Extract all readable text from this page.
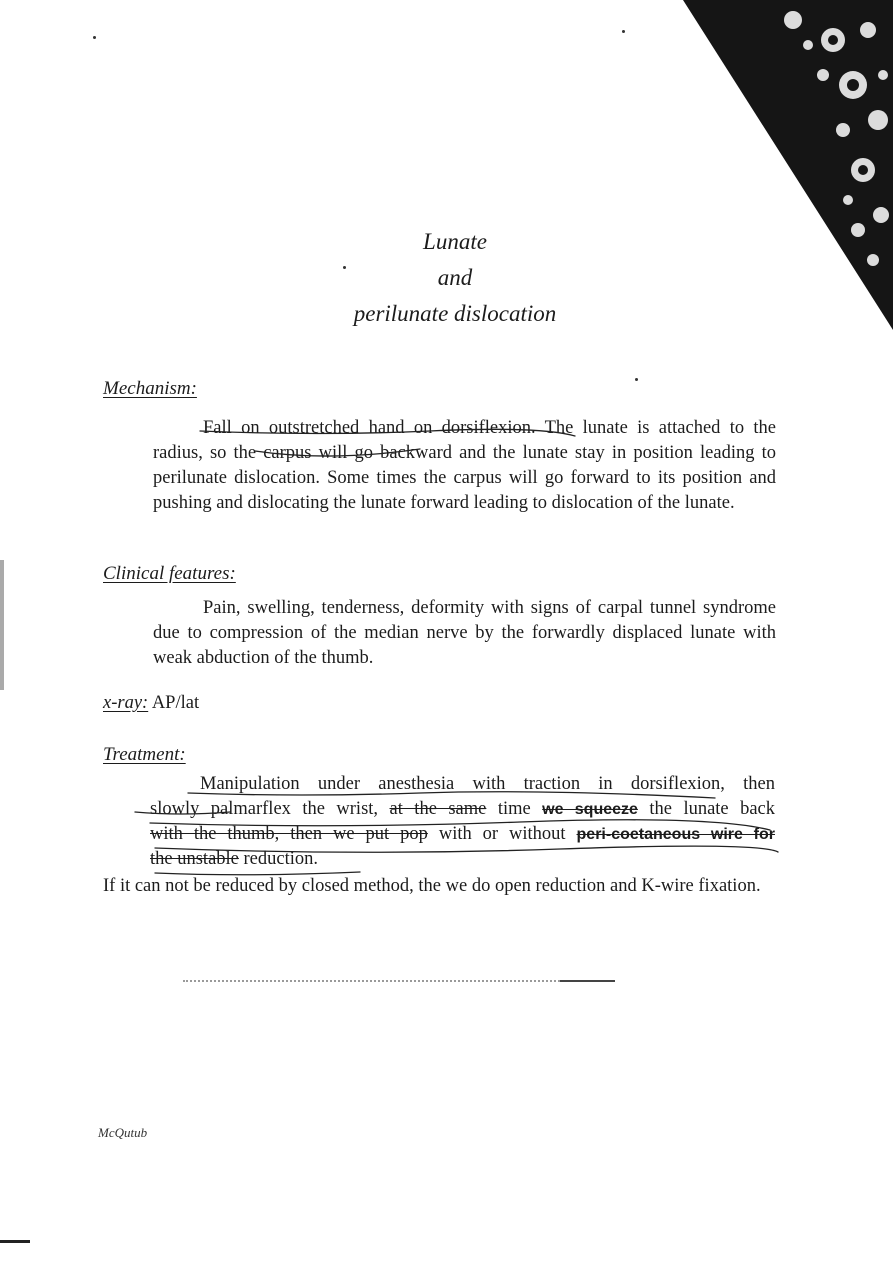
Lunate
and
perilunate dislocation
Mechanism:
Fall on outstretched hand on dorsiflexion. The lunate is attached to the radius, so the carpus will go backward and the lunate stay in position leading to perilunate dislocation. Some times the carpus will go forward to its position and pushing and dislocating the lunate forward leading to dislocation of the lunate.
Clinical features:
Pain, swelling, tenderness, deformity with signs of carpal tunnel syndrome due to compression of the median nerve by the forwardly displaced lunate with weak abduction of the thumb.
x-ray: AP/lat
Treatment:
Manipulation under anesthesia with traction in dorsiflexion, then
slowly palmarflex the wrist, at the same time we squeeze the lunate back
with the thumb, then we put pop with or without peri-coetaneous wire for
the unstable reduction.
If it can not be reduced by closed method, the we do open reduction and K-wire fixation.
McQutub
